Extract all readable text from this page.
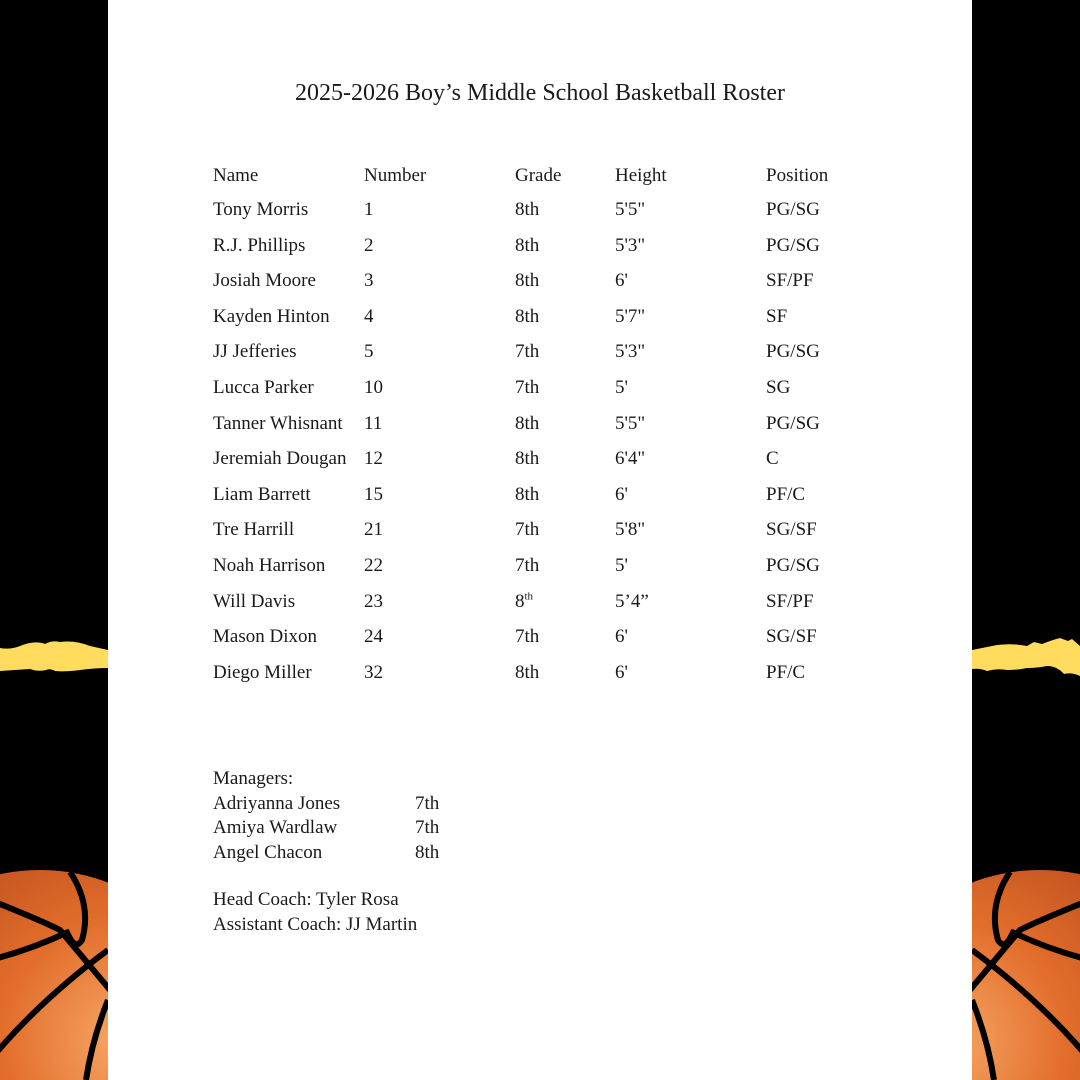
2025-2026 Boy’s Middle School Basketball Roster
Name	Number	Grade	Height	Position
Tony Morris	1	8th	5'5"	PG/SG
R.J. Phillips	2	8th	5'3"	PG/SG
Josiah Moore	3	8th	6'	SF/PF
Kayden Hinton 4	8th	5'7"	SF
JJ Jefferies	5	7th	5'3"	PG/SG
Lucca Parker	10	7th	5'	SG
Tanner Whisnant 11	8th	5'5"	PG/SG
Jeremiah Dougan 12	8th	6'4"	C
Liam Barrett	15	8th	6'	PF/C
Tre Harrill	21	7th	5'8"	SG/SF
Noah Harrison 22	7th	5'	PG/SG
Will Davis	23	8th	5’4”	SF/PF
Mason Dixon 24	7th	6'	SG/SF
Diego Miller	32	8th	6'	PF/C
Managers:
Adriyanna Jones	7th
Amiya Wardlaw	7th
Angel Chacon	8th
Head Coach: Tyler Rosa
Assistant Coach: JJ Martin
